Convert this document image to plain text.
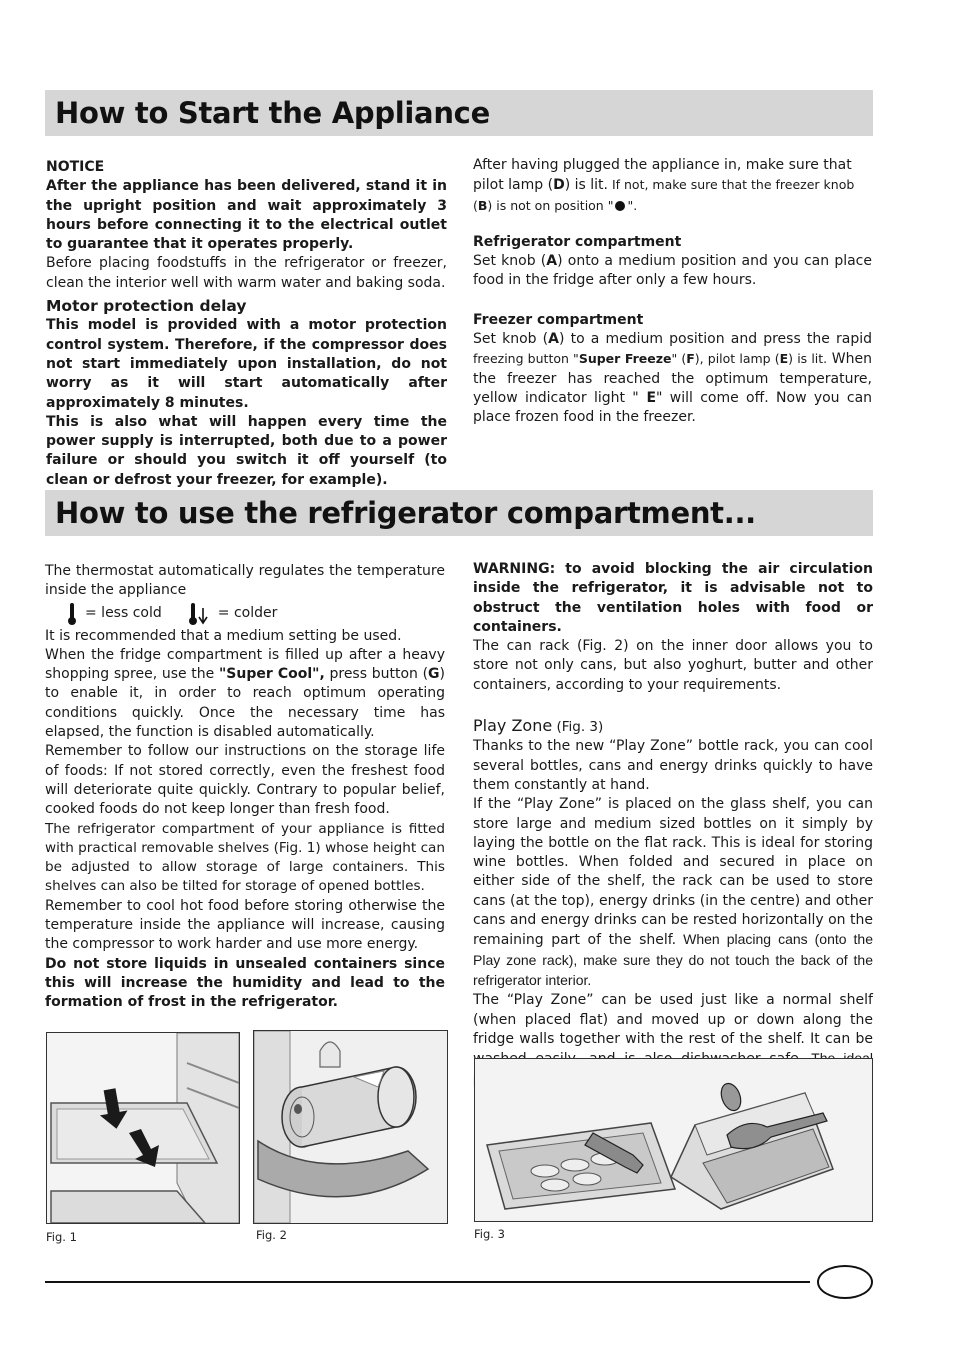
How to Start the Appliance

NOTICE

After the appliance has been delivered, stand it in the upright position and wait approximately 3 hours before connecting it to the electrical outlet to guarantee that it operates properly.

Before placing foodstuffs in the refrigerator or freezer, clean the interior well with warm water and baking soda.

Motor protection delay

This model is provided with a motor protection control system. Therefore, if the compressor does not start immediately upon installation, do not worry as it will start automatically after approximately 8 minutes.

This is also what will happen every time the power supply is interrupted, both due to a power failure or should you switch it off yourself (to clean or defrost your freezer, for example).

After having plugged the appliance in, make sure that pilot lamp (D) is lit. If not, make sure that the freezer knob (B) is not on position " ".

Refrigerator compartment

Set knob (A) onto a medium position and you can place food in the fridge after only a few hours.

Freezer compartment

Set knob (A) to a medium position and press the rapid freezing button "Super Freeze" (F), pilot lamp (E) is lit. When the freezer has reached the optimum temperature, yellow indicator light " E" will come off. Now you can place frozen food in the freezer.

How to use the refrigerator compartment...

The thermostat automatically regulates the temperature inside the appliance

= less cold	= colder

It is recommended that a medium setting be used.

When the fridge compartment is filled up after a heavy shopping spree, use the "Super Cool", press button (G) to enable it, in order to reach optimum operating conditions quickly. Once the necessary time has elapsed, the function is disabled automatically.

Remember to follow our instructions on the storage life of foods: If not stored correctly, even the freshest food will deteriorate quite quickly. Contrary to popular belief, cooked foods do not keep longer than fresh food.

The refrigerator compartment of your appliance is fitted with practical removable shelves (Fig. 1) whose height can be adjusted to allow storage of large containers. This shelves can also be tilted for storage of opened bottles.

Remember to cool hot food before storing otherwise the temperature inside the appliance will increase, causing the compressor to work harder and use more energy.

Do not store liquids in unsealed containers since this will increase the humidity and lead to the formation of frost in the refrigerator.

WARNING: to avoid blocking the air circulation inside the refrigerator, it is advisable not to obstruct the ventilation holes with food or containers.

The can rack (Fig. 2) on the inner door allows you to store not only cans, but also yoghurt, butter and other containers, according to your requirements.

Play Zone (Fig. 3)

Thanks to the new “Play Zone” bottle rack, you can cool several bottles, cans and energy drinks quickly to have them constantly at hand.

If the “Play Zone” is placed on the glass shelf, you can store large and medium sized bottles on it simply by laying the bottle on the flat rack. This is ideal for storing wine bottles. When folded and secured in place on either side of the shelf, the rack can be used to store cans (at the top), energy drinks (in the centre) and other cans and energy drinks can be rested horizontally on the remaining part of the shelf. When placing cans (onto the Play zone rack), make sure they do not touch the back of the refrigerator interior.

The “Play Zone” can be used just like a normal shelf (when placed flat) and moved up or down along the fridge walls together with the rest of the shelf. It can be

Fig. 1	Fig. 2	Fig. 3
